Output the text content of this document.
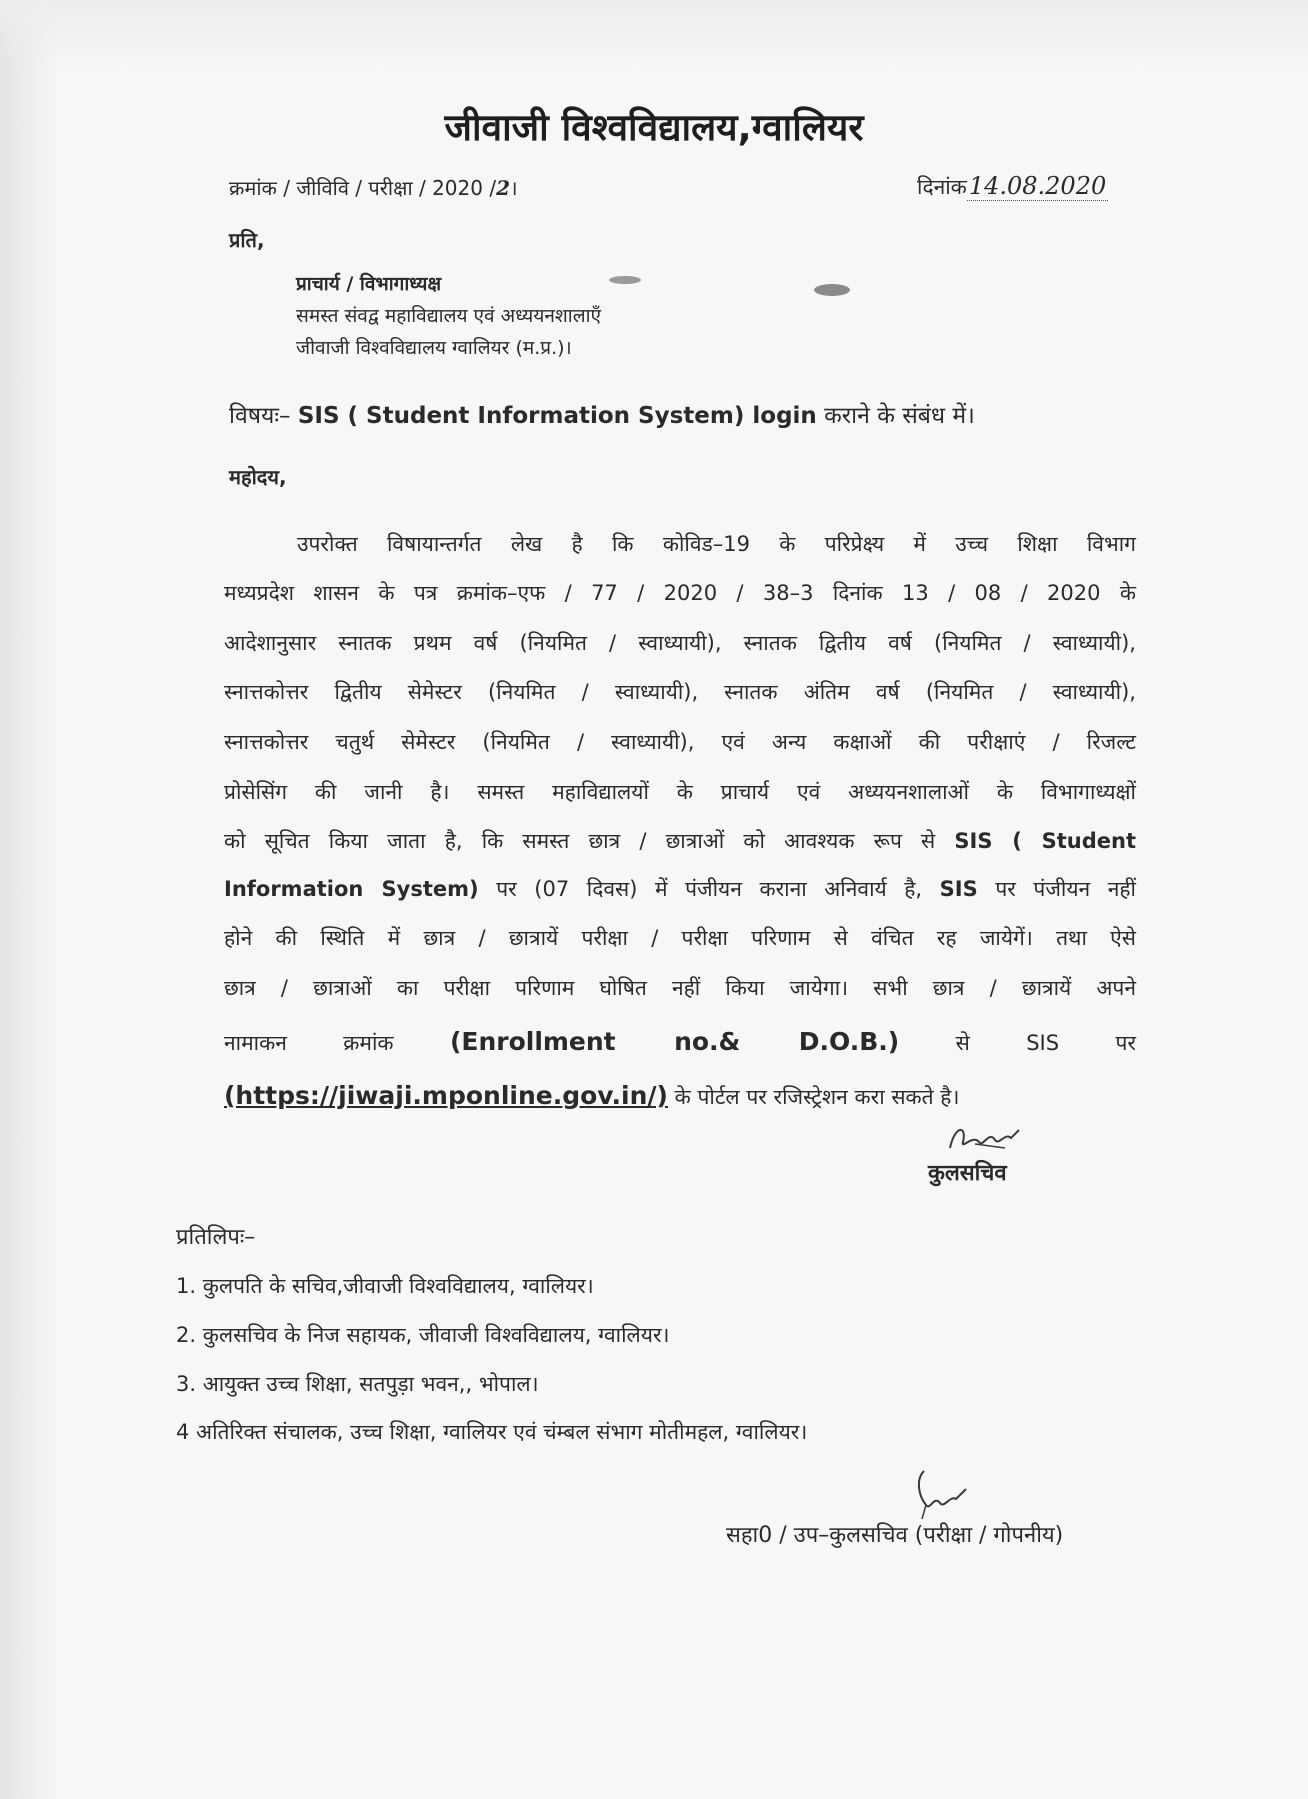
जीवाजी विश्वविद्यालय,ग्वालियर
क्रमांक / जीविवि / परीक्षा / 2020 /2।	दिनांक14.08.2020
प्रति,
प्राचार्य / विभागाध्यक्ष
समस्त संवद्व महाविद्यालय एवं अध्ययनशालाएँ
जीवाजी विश्वविद्यालय ग्वालियर (म.प्र.)।
विषयः– SIS ( Student Information System) login कराने के संबंध में।
महोदय,
उपरोक्त विषायान्तर्गत लेख है कि कोविड–19 के परिप्रेक्ष्य में उच्च शिक्षा विभाग
मध्यप्रदेश शासन के पत्र क्रमांक–एफ / 77 / 2020 / 38–3 दिनांक 13 / 08 / 2020 के
आदेशानुसार स्नातक प्रथम वर्ष (नियमित / स्वाध्यायी), स्नातक द्वितीय वर्ष (नियमित / स्वाध्यायी),
स्नात्तकोत्तर द्वितीय सेमेस्टर (नियमित / स्वाध्यायी), स्नातक अंतिम वर्ष (नियमित / स्वाध्यायी),
स्नात्तकोत्तर चतुर्थ सेमेस्टर (नियमित / स्वाध्यायी), एवं अन्य कक्षाओं की परीक्षाएं / रिजल्ट
प्रोसेसिंग की जानी है। समस्त महाविद्यालयों के प्राचार्य एवं अध्ययनशालाओं के विभागाध्यक्षों
को सूचित किया जाता है, कि समस्त छात्र / छात्राओं को आवश्यक रूप से SIS ( Student
Information System) पर (07 दिवस) में पंजीयन कराना अनिवार्य है, SIS पर पंजीयन नहीं
होने की स्थिति में छात्र / छात्रायें परीक्षा / परीक्षा परिणाम से वंचित रह जायेगें। तथा ऐसे
छात्र / छात्राओं का परीक्षा परिणाम घोषित नहीं किया जायेगा। सभी छात्र / छात्रायें अपने
नामाकन क्रमांक (Enrollment no.& D.O.B.)	से SIS पर
(https://jiwaji.mponline.gov.in/) के पोर्टल पर रजिस्ट्रेशन करा सकते है।
कुलसचिव
प्रतिलिपः–
1. कुलपति के सचिव,जीवाजी विश्वविद्यालय, ग्वालियर।
2. कुलसचिव के निज सहायक, जीवाजी विश्वविद्यालय, ग्वालियर।
3. आयुक्त उच्च शिक्षा, सतपुड़ा भवन,, भोपाल।
4 अतिरिक्त संचालक, उच्च शिक्षा, ग्वालियर एवं चंम्बल संभाग मोतीमहल, ग्वालियर।
सहा0 / उप–कुलसचिव (परीक्षा / गोपनीय)
